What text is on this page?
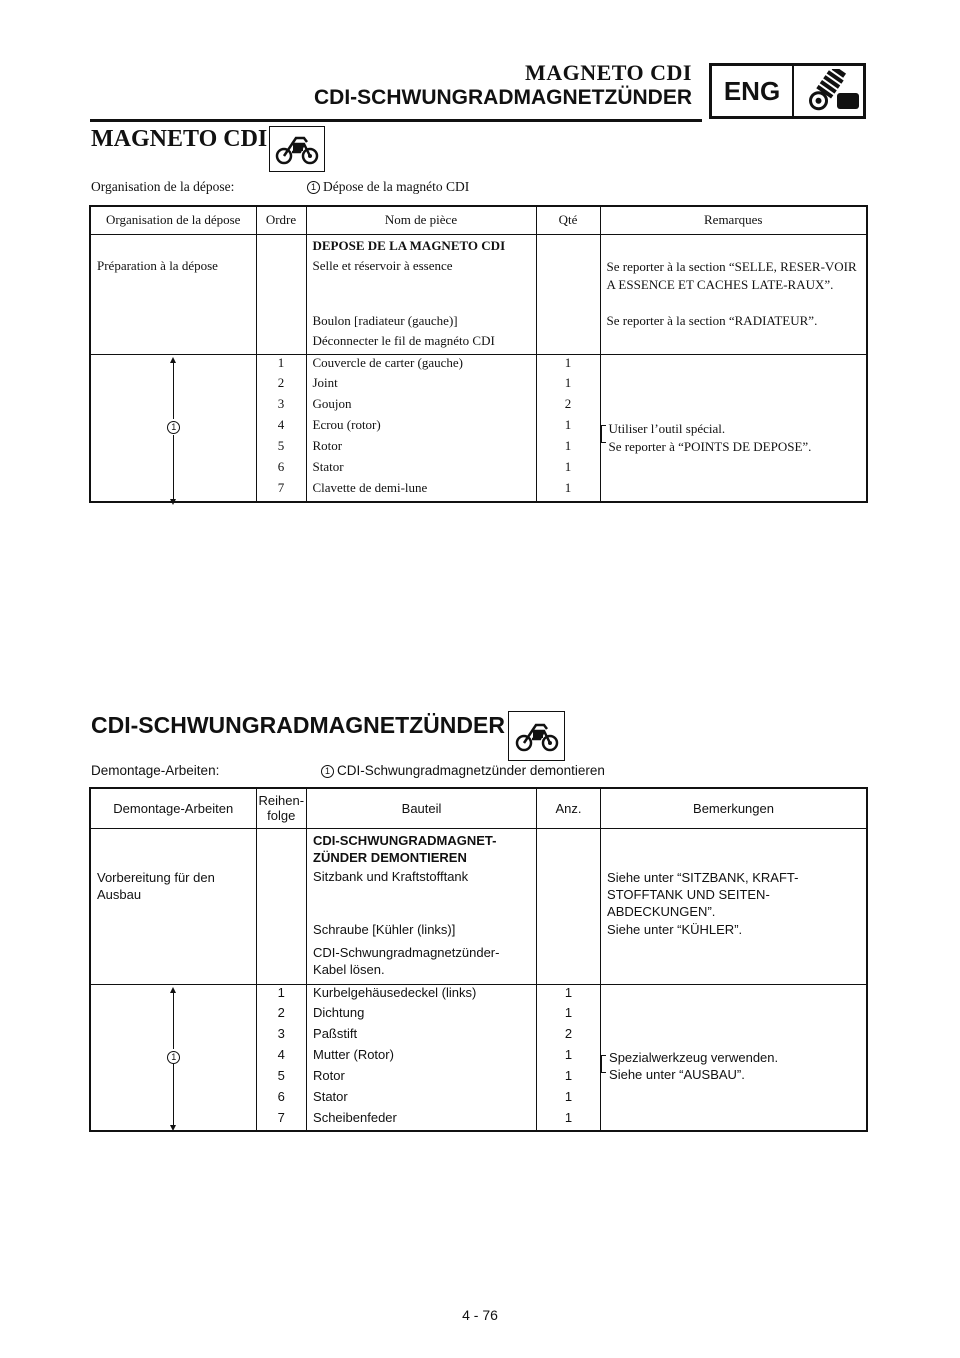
MAGNETO CDI
CDI-SCHWUNGRADMAGNETZÜNDER	ENG
MAGNETO CDI
Organisation de la dépose:	1 Dépose de la magnéto CDI
Organisation de la dépose	Ordre	Nom de pièce	Qté	Remarques
		DEPOSE DE LA MAGNETO CDI		
Préparation à la dépose		Selle et réservoir à essence		Se reporter à la section “SELLE, RESER-VOIR A ESSENCE ET CACHES LATE-RAUX”.
		Boulon [radiateur (gauche)]		Se reporter à la section “RADIATEUR”.
		Déconnecter le fil de magnéto CDI		

1	1	Couvercle de carter (gauche)	1	Utiliser l’outil spécial.
Se reporter à “POINTS DE DEPOSE”.

	2	Joint	1	
	3	Goujon	2	
	4	Ecrou (rotor)	1	
	5	Rotor	1	
	6	Stator	1	
	7	Clavette de demi-lune	1	
CDI-SCHWUNGRADMAGNETZÜNDER
Demontage-Arbeiten:	1 CDI-Schwungradmagnetzünder demontieren
Demontage-Arbeiten	Reihen-folge	Bauteil	Anz.	Bemerkungen
		CDI-SCHWUNGRADMAGNET-ZÜNDER DEMONTIEREN		
Vorbereitung für den Ausbau		Sitzbank und Kraftstofftank		Siehe unter “SITZBANK, KRAFT-STOFFTANK UND SEITEN-ABDECKUNGEN”.
		Schraube [Kühler (links)]		Siehe unter “KÜHLER”.
		CDI-Schwungradmagnetzünder-Kabel lösen.		

1	1	Kurbelgehäusedeckel (links)	1	Spezialwerkzeug verwenden.
Siehe unter “AUSBAU”.

	2	Dichtung	1	
	3	Paßstift	2	
	4	Mutter (Rotor)	1	
	5	Rotor	1	
	6	Stator	1	
	7	Scheibenfeder	1	
4 - 76
